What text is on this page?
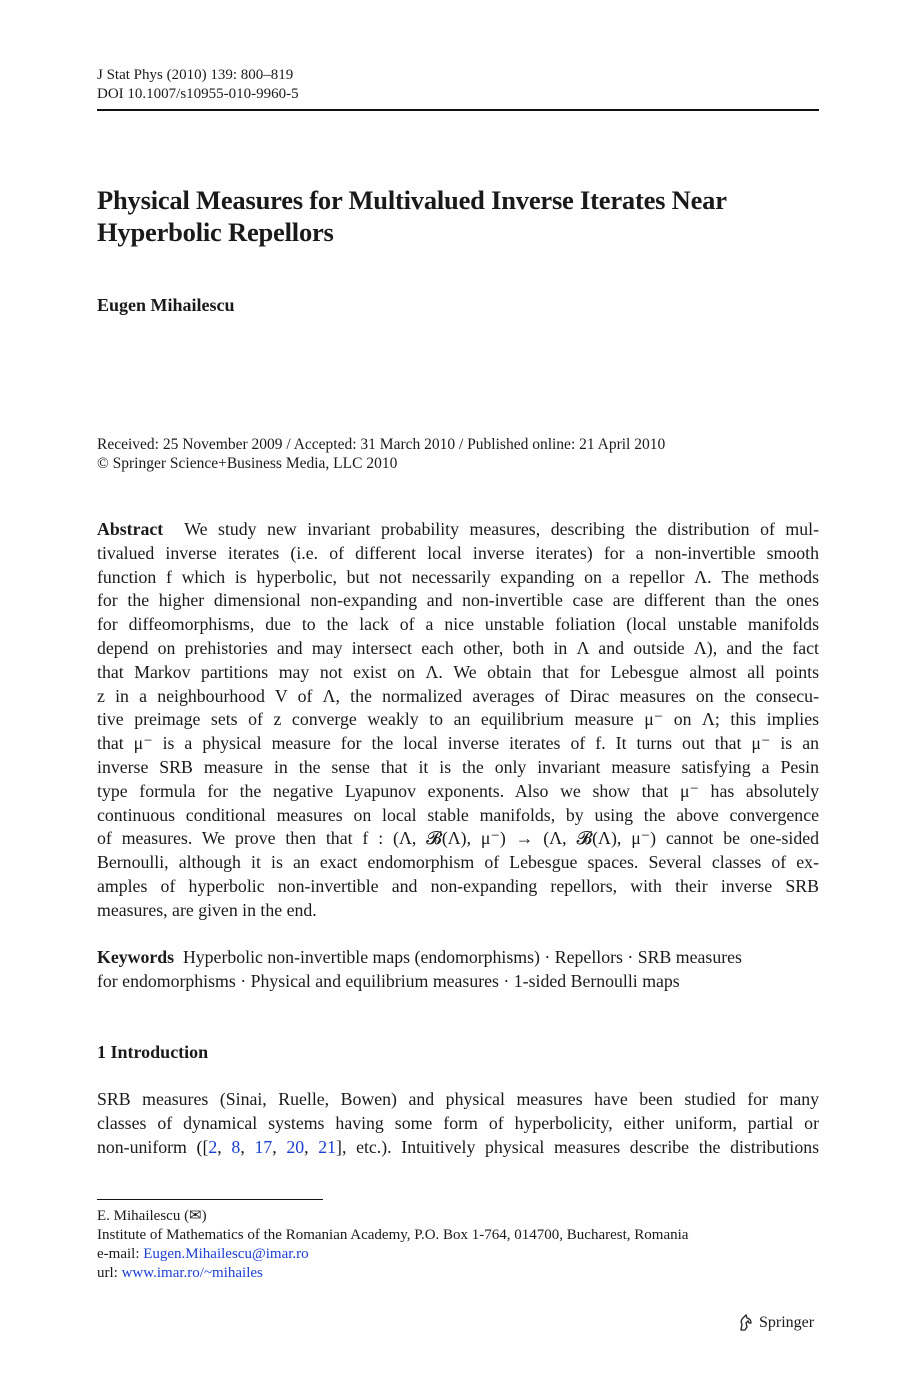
J Stat Phys (2010) 139: 800–819
DOI 10.1007/s10955-010-9960-5
Physical Measures for Multivalued Inverse Iterates Near
Hyperbolic Repellors
Eugen Mihailescu
Received: 25 November 2009 / Accepted: 31 March 2010 / Published online: 21 April 2010
© Springer Science+Business Media, LLC 2010
Abstract We study new invariant probability measures, describing the distribution of mul-
tivalued inverse iterates (i.e. of different local inverse iterates) for a non-invertible smooth
function f which is hyperbolic, but not necessarily expanding on a repellor Λ. The methods
for the higher dimensional non-expanding and non-invertible case are different than the ones
for diffeomorphisms, due to the lack of a nice unstable foliation (local unstable manifolds
depend on prehistories and may intersect each other, both in Λ and outside Λ), and the fact
that Markov partitions may not exist on Λ. We obtain that for Lebesgue almost all points
z in a neighbourhood V of Λ, the normalized averages of Dirac measures on the consecu-
tive preimage sets of z converge weakly to an equilibrium measure μ⁻ on Λ; this implies
that μ⁻ is a physical measure for the local inverse iterates of f. It turns out that μ⁻ is an
inverse SRB measure in the sense that it is the only invariant measure satisfying a Pesin
type formula for the negative Lyapunov exponents. Also we show that μ⁻ has absolutely
continuous conditional measures on local stable manifolds, by using the above convergence
of measures. We prove then that f : (Λ, 𝓑(Λ), μ⁻) → (Λ, 𝓑(Λ), μ⁻) cannot be one-sided
Bernoulli, although it is an exact endomorphism of Lebesgue spaces. Several classes of ex-
amples of hyperbolic non-invertible and non-expanding repellors, with their inverse SRB
measures, are given in the end.
Keywords Hyperbolic non-invertible maps (endomorphisms) · Repellors · SRB measures
for endomorphisms · Physical and equilibrium measures · 1-sided Bernoulli maps
1 Introduction
SRB measures (Sinai, Ruelle, Bowen) and physical measures have been studied for many
classes of dynamical systems having some form of hyperbolicity, either uniform, partial or
non-uniform ([2, 8, 17, 20, 21], etc.). Intuitively physical measures describe the distributions
E. Mihailescu (✉)
Institute of Mathematics of the Romanian Academy, P.O. Box 1-764, 014700, Bucharest, Romania
e-mail: Eugen.Mihailescu@imar.ro
url: www.imar.ro/~mihailes
Springer
